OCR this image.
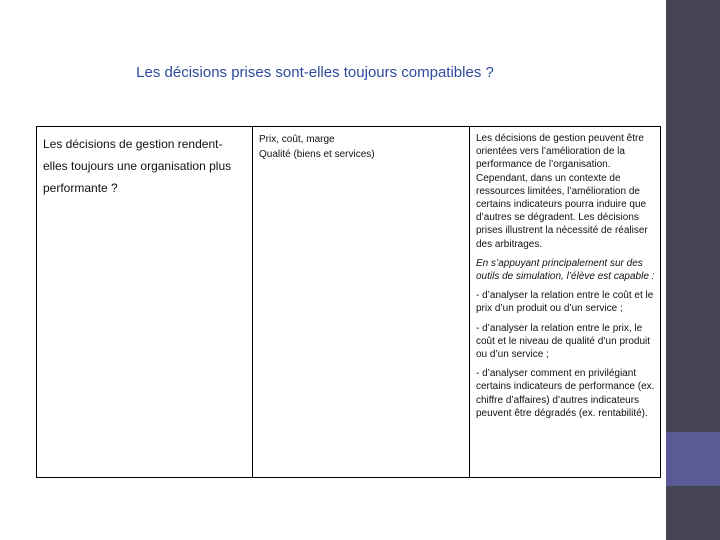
Les décisions prises sont-elles toujours compatibles ?
Les décisions de gestion rendent-elles toujours une organisation plus performante ?
Prix, coût, marge
Qualité (biens et services)

Les décisions de gestion peuvent être orientées vers l’amélioration de la performance de l’organisation. Cependant, dans un contexte de ressources limitées, l’amélioration de certains indicateurs pourra induire que d’autres se dégradent. Les décisions prises illustrent la nécessité de réaliser des arbitrages.

En s’appuyant principalement sur des outils de simulation, l’élève est capable :

- d’analyser la relation entre le coût et le prix d’un produit ou d’un service ;

- d’analyser la relation entre le prix, le coût et le niveau de qualité d’un produit ou d’un service ;

- d’analyser comment en privilégiant certains indicateurs de performance (ex. chiffre d’affaires) d’autres indicateurs peuvent être dégradés (ex. rentabilité).
